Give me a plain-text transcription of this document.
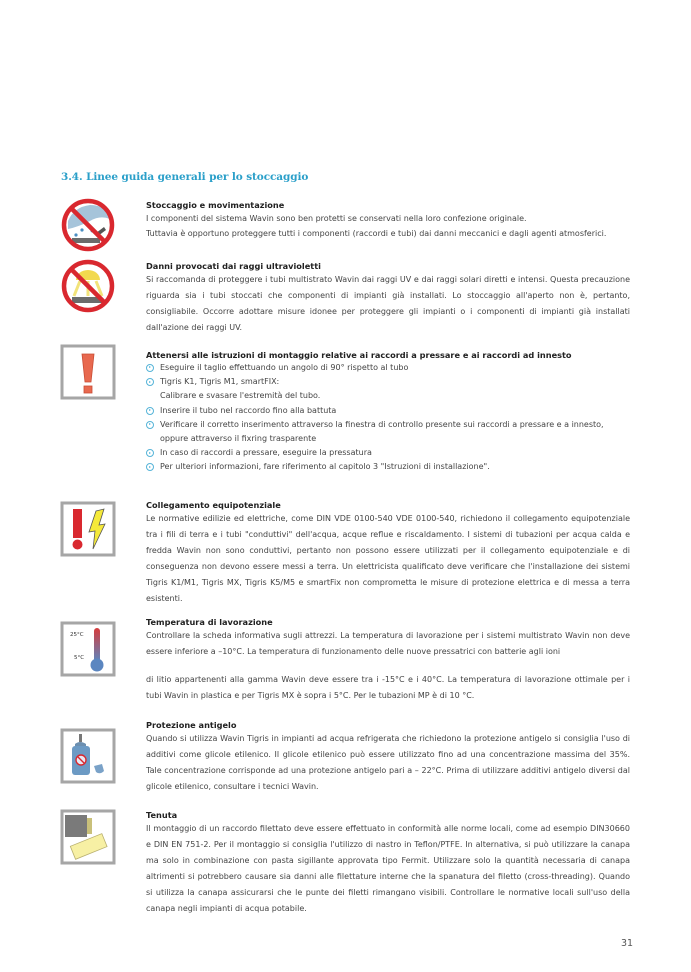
3.4. Linee guida generali per lo stoccaggio

Stoccaggio e movimentazione

I componenti del sistema Wavin sono ben protetti se conservati nella loro confezione originale.

Tuttavia è opportuno proteggere tutti i componenti (raccordi e tubi) dai danni meccanici e dagli agenti atmosferici.

Danni provocati dai raggi ultravioletti

Si raccomanda di proteggere i tubi multistrato Wavin dai raggi UV e dai raggi solari diretti e intensi. Questa precauzione riguarda sia i tubi stoccati che componenti di impianti già installati. Lo stoccaggio all'aperto non è, pertanto, consigliabile. Occorre adottare misure idonee per proteggere gli impianti o i componenti di impianti già installati dall'azione dei raggi UV.

Attenersi alle istruzioni di montaggio relative ai raccordi a pressare e ai raccordi ad innesto

Eseguire il taglio effettuando un angolo di 90° rispetto al tubo
Tigris K1, Tigris M1, smartFIX:
Calibrare e svasare l'estremità del tubo.
Inserire il tubo nel raccordo fino alla battuta
Verificare il corretto inserimento attraverso la finestra di controllo presente sui raccordi a pressare e a innesto,
oppure attraverso il fixring trasparente
In caso di raccordi a pressare, eseguire la pressatura
Per ulteriori informazioni, fare riferimento al capitolo 3 "Istruzioni di installazione".

Collegamento equipotenziale

Le normative edilizie ed elettriche, come DIN VDE 0100-540 VDE 0100-540, richiedono il collegamento equipotenziale tra i fili di terra e i tubi "conduttivi" dell'acqua, acque reflue e riscaldamento. I sistemi di tubazioni per acqua calda e fredda Wavin non sono conduttivi, pertanto non possono essere utilizzati per il collegamento equipotenziale e di conseguenza non devono essere messi a terra. Un elettricista qualificato deve verificare che l'installazione dei sistemi Tigris K1/M1, Tigris MX, Tigris K5/M5 e smartFix non comprometta le misure di protezione elettrica e di messa a terra esistenti.

25°C
5°C

Temperatura di lavorazione

Controllare la scheda informativa sugli attrezzi. La temperatura di lavorazione per i sistemi multistrato Wavin non deve essere inferiore a –10°C. La temperatura di funzionamento delle nuove pressatrici con batterie agli ioni

di litio appartenenti alla gamma Wavin deve essere tra i -15°C e i 40°C. La temperatura di lavorazione ottimale per i tubi Wavin in plastica e per Tigris MX è sopra i 5°C. Per le tubazioni MP è di 10 °C.

Protezione antigelo

Quando si utilizza Wavin Tigris in impianti ad acqua refrigerata che richiedono la protezione antigelo si consiglia l'uso di additivi come glicole etilenico. Il glicole etilenico può essere utilizzato fino ad una concentrazione massima del 35%. Tale concentrazione corrisponde ad una protezione antigelo pari a – 22°C. Prima di utilizzare additivi antigelo diversi dal glicole etilenico, consultare i tecnici Wavin.

Tenuta

Il montaggio di un raccordo filettato deve essere effettuato in conformità alle norme locali, come ad esempio DIN30660 e DIN EN 751-2. Per il montaggio si consiglia l'utilizzo di nastro in Teflon/PTFE. In alternativa, si può utilizzare la canapa ma solo in combinazione con pasta sigillante approvata tipo Fermit. Utilizzare solo la quantità necessaria di canapa altrimenti si potrebbero causare sia danni alle filettature interne che la spanatura del filetto (cross-threading). Quando si utilizza la canapa assicurarsi che le punte dei filetti rimangano visibili. Controllare le normative locali sull'uso della canapa negli impianti di acqua potabile.

31
